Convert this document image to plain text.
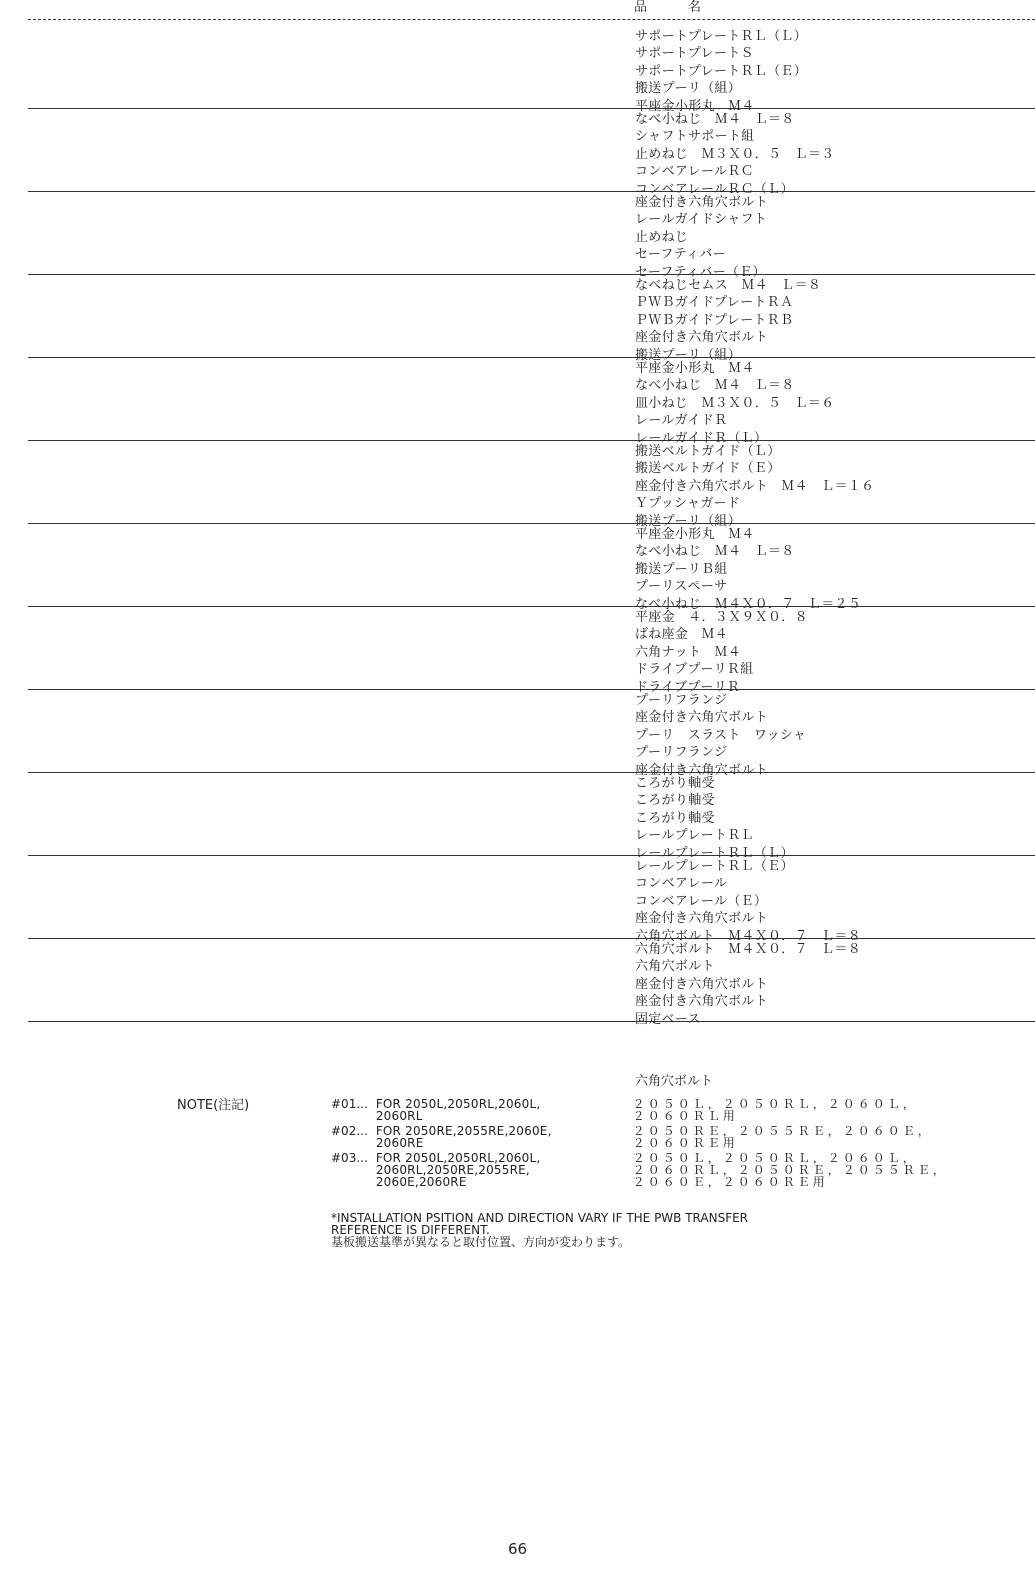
品　名
サポートプレートＲＬ（Ｌ）
サポートプレートＳ
サポートプレートＲＬ（Ｅ）
搬送プーリ（組）
平座金小形丸　Ｍ４
なべ小ねじ　Ｍ４　Ｌ＝８
シャフトサポート組
止めねじ　Ｍ３Ｘ０．５　Ｌ＝３
コンベアレールＲＣ
コンベアレールＲＣ（Ｌ）
座金付き六角穴ボルト
レールガイドシャフト
止めねじ
セーフティバー
セーフティバー（Ｅ）
なべねじセムス　Ｍ４　Ｌ＝８
ＰＷＢガイドプレートＲＡ
ＰＷＢガイドプレートＲＢ
座金付き六角穴ボルト
搬送プーリ（組）
平座金小形丸　Ｍ４
なべ小ねじ　Ｍ４　Ｌ＝８
皿小ねじ　Ｍ３Ｘ０．５　Ｌ＝６
レールガイドＲ
レールガイドＲ（Ｌ）
搬送ベルトガイド（Ｌ）
搬送ベルトガイド（Ｅ）
座金付き六角穴ボルト　Ｍ４　Ｌ＝１６
Ｙプッシャガード
搬送プーリ（組）
平座金小形丸　Ｍ４
なべ小ねじ　Ｍ４　Ｌ＝８
搬送プーリＢ組
プーリスペーサ
なべ小ねじ　Ｍ４Ｘ０．７　Ｌ＝２５
平座金　４．３Ｘ９Ｘ０．８
ばね座金　Ｍ４
六角ナット　Ｍ４
ドライブプーリＲ組
ドライブプーリＲ
プーリフランジ
座金付き六角穴ボルト
プーリ　スラスト　ワッシャ
プーリフランジ
座金付き六角穴ボルト
ころがり軸受
ころがり軸受
ころがり軸受
レールプレートＲＬ
レールプレートＲＬ（Ｌ）
レールプレートＲＬ（Ｅ）
コンベアレール
コンベアレール（Ｅ）
座金付き六角穴ボルト
六角穴ボルト　Ｍ４Ｘ０．７　Ｌ＝８
六角穴ボルト　Ｍ４Ｘ０．７　Ｌ＝８
六角穴ボルト
座金付き六角穴ボルト
座金付き六角穴ボルト
固定ベース
六角穴ボルト
NOTE(注記)	#01... FOR 2050L,2050RL,2060L,
2060RL
２０５０Ｌ，２０５０ＲＬ，２０６０Ｌ，
２０６０ＲＬ用
#02... FOR 2050RE,2055RE,2060E,
2060RE
２０５０ＲＥ，２０５５ＲＥ，２０６０Ｅ，
２０６０ＲＥ用
#03... FOR 2050L,2050RL,2060L,
2060RL,2050RE,2055RE,
2060E,2060RE
２０５０Ｌ，２０５０ＲＬ，２０６０Ｌ，
２０６０ＲＬ，２０５０ＲＥ，２０５５ＲＥ，
２０６０Ｅ，２０６０ＲＥ用
*INSTALLATION PSITION AND DIRECTION VARY IF THE PWB TRANSFER
REFERENCE IS DIFFERENT.
基板搬送基準が異なると取付位置、方向が変わります。
66
